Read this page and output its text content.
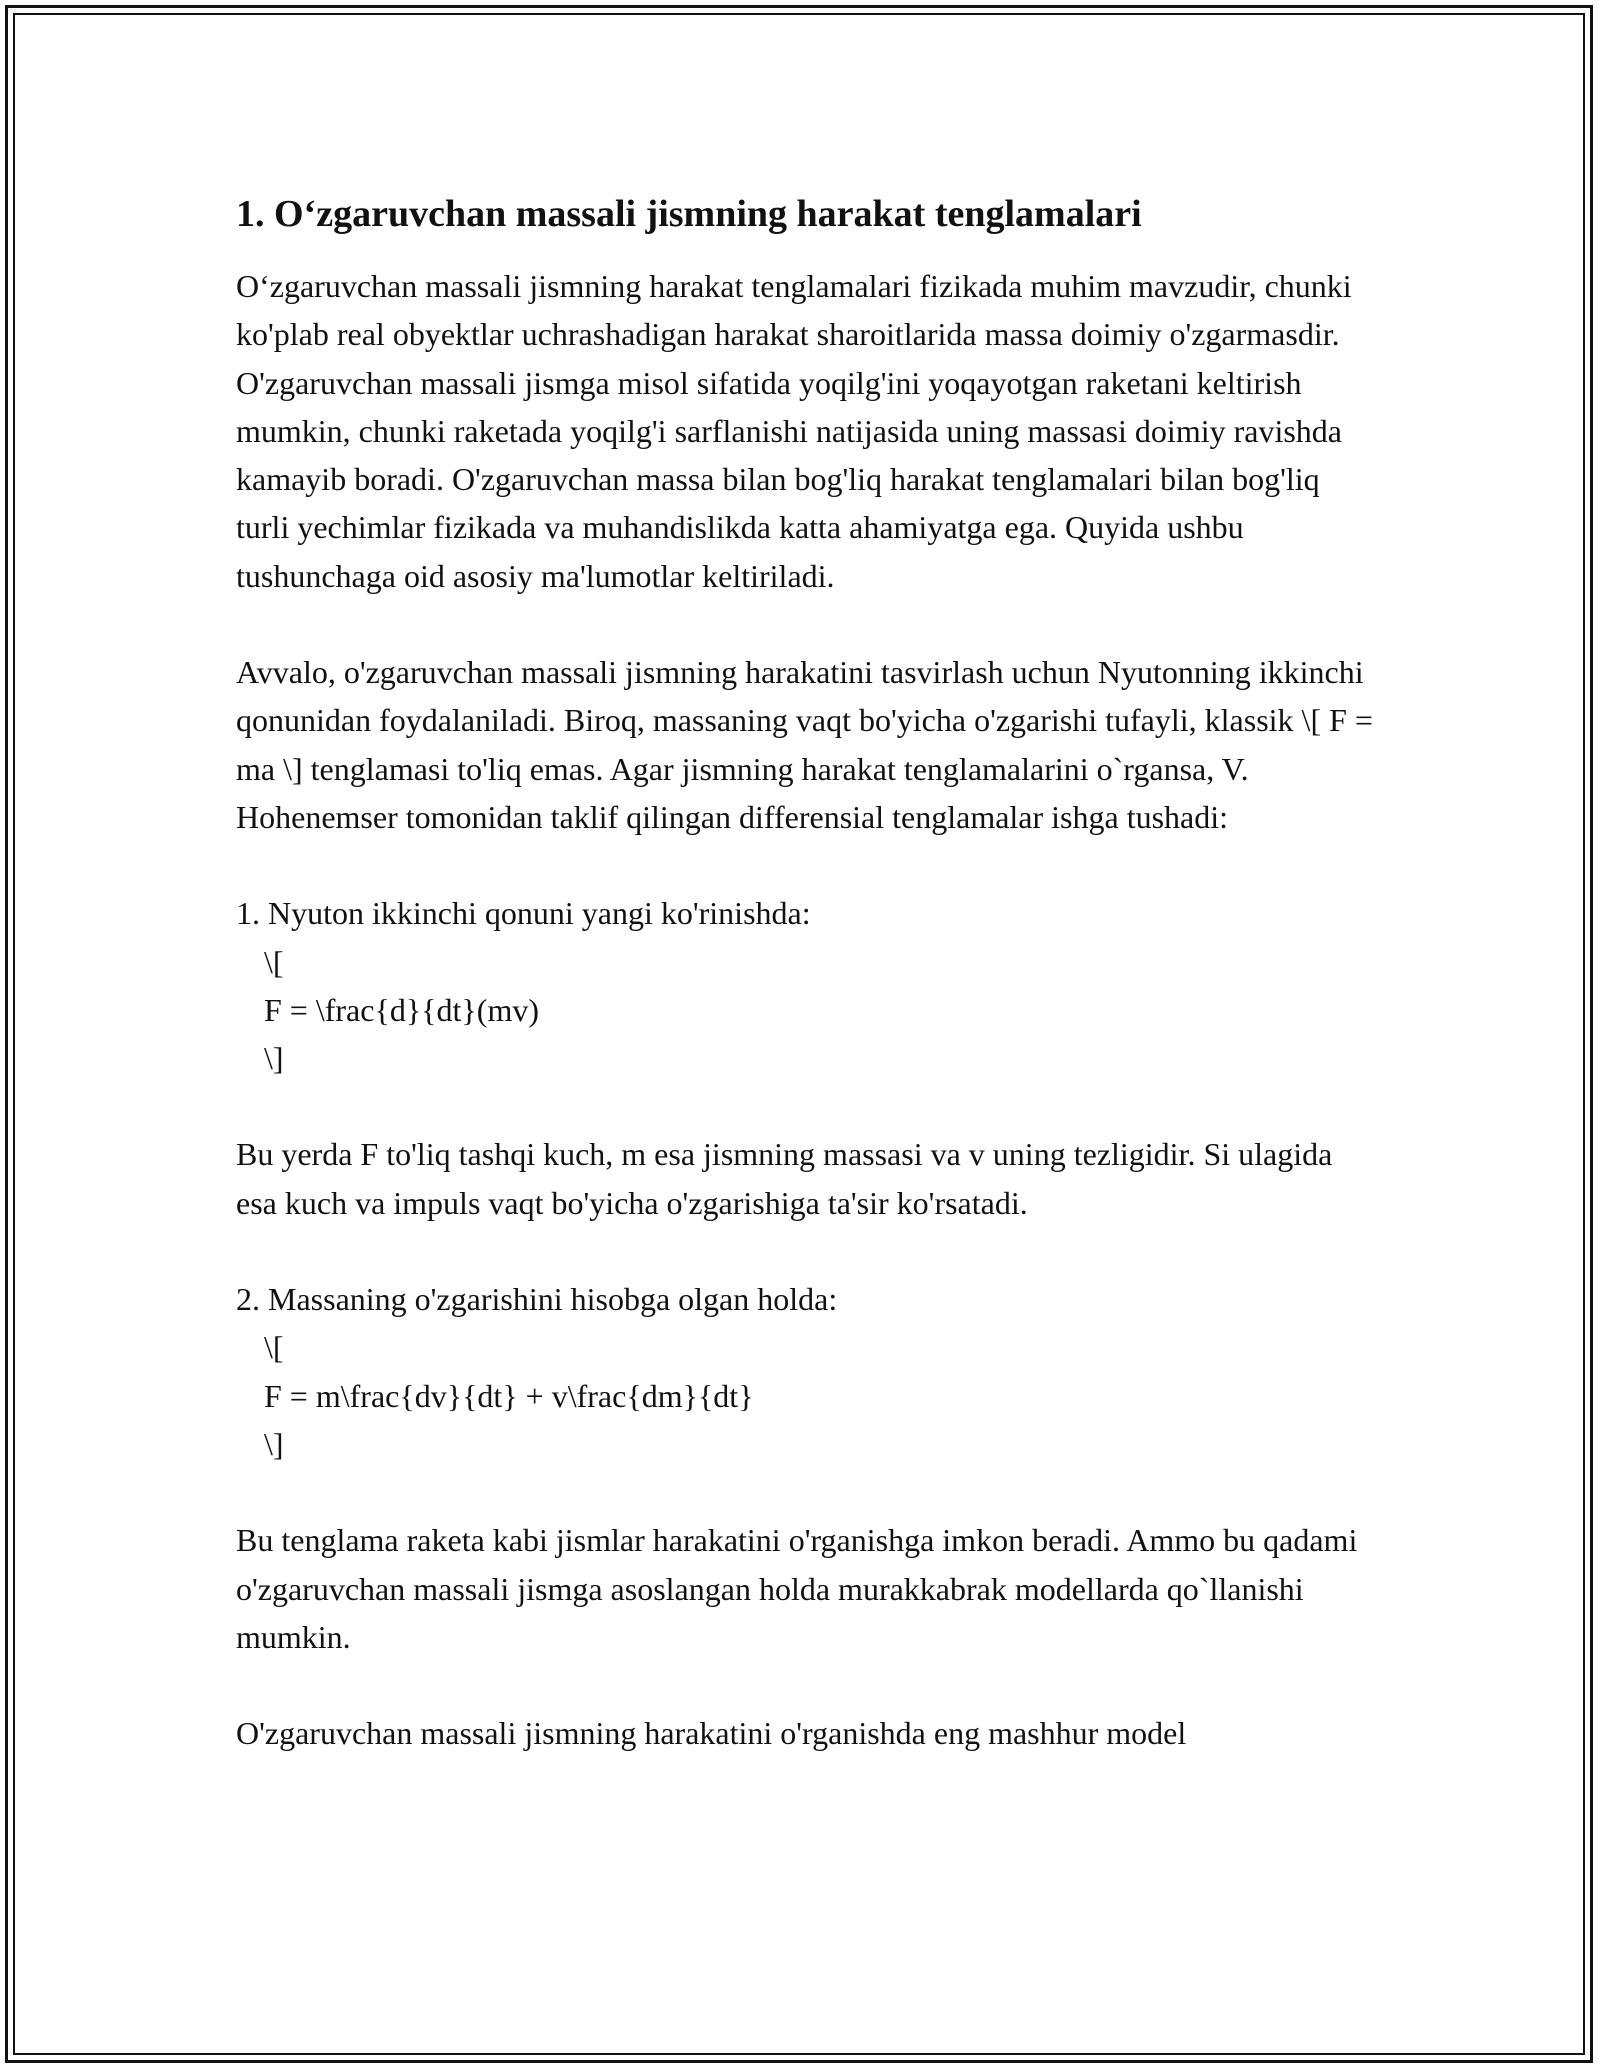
1. O‘zgaruvchan massali jismning harakat tenglamalari

O‘zgaruvchan massali jismning harakat tenglamalari fizikada muhim mavzudir, chunki ko'plab real obyektlar uchrashadigan harakat sharoitlarida massa doimiy o'zgarmasdir. O'zgaruvchan massali jismga misol sifatida yoqilg'ini yoqayotgan raketani keltirish mumkin, chunki raketada yoqilg'i sarflanishi natijasida uning massasi doimiy ravishda kamayib boradi. O'zgaruvchan massa bilan bog'liq harakat tenglamalari bilan bog'liq turli yechimlar fizikada va muhandislikda katta ahamiyatga ega. Quyida ushbu tushunchaga oid asosiy ma'lumotlar keltiriladi.

Avvalo, o'zgaruvchan massali jismning harakatini tasvirlash uchun Nyutonning ikkinchi qonunidan foydalaniladi. Biroq, massaning vaqt bo'yicha o'zgarishi tufayli, klassik \[ F = ma \] tenglamasi to'liq emas. Agar jismning harakat tenglamalarini o`rgansa, V. Hohenemser tomonidan taklif qilingan differensial tenglamalar ishga tushadi:

1. Nyuton ikkinchi qonuni yangi ko'rinishda:
\[
F = \frac{d}{dt}(mv)
\]

Bu yerda F to'liq tashqi kuch, m esa jismning massasi va v uning tezligidir. Si ulagida esa kuch va impuls vaqt bo'yicha o'zgarishiga ta'sir ko'rsatadi.

2. Massaning o'zgarishini hisobga olgan holda:
\[
F = m\frac{dv}{dt} + v\frac{dm}{dt}
\]

Bu tenglama raketa kabi jismlar harakatini o'rganishga imkon beradi. Ammo bu qadami o'zgaruvchan massali jismga asoslangan holda murakkabrak modellarda qo`llanishi mumkin.

O'zgaruvchan massali jismning harakatini o'rganishda eng mashhur model
